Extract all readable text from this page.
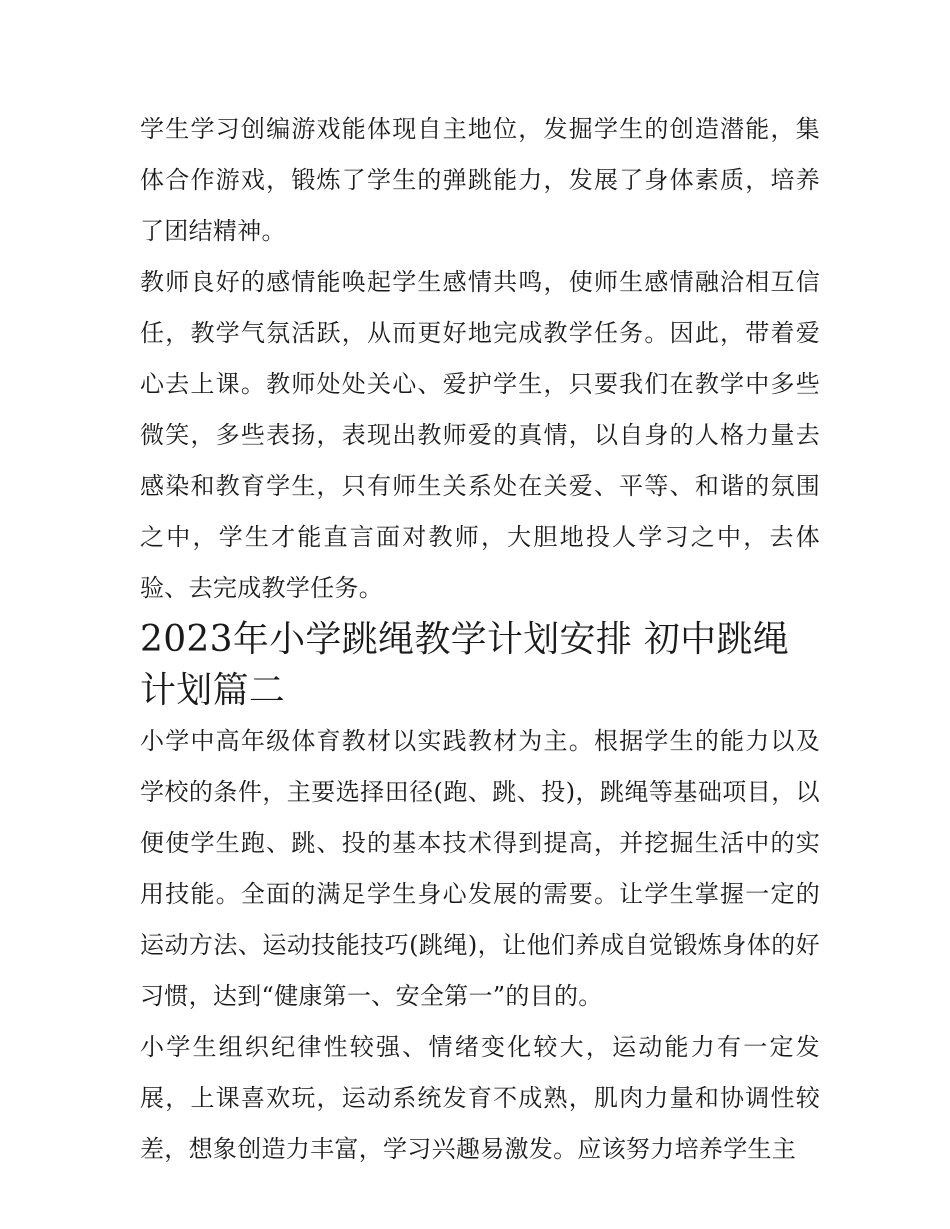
学生学习创编游戏能体现自主地位，发掘学生的创造潜能，集体合作游戏，锻炼了学生的弹跳能力，发展了身体素质，培养了团结精神。

教师良好的感情能唤起学生感情共鸣，使师生感情融洽相互信任，教学气氛活跃，从而更好地完成教学任务。因此，带着爱心去上课。教师处处关心、爱护学生，只要我们在教学中多些微笑，多些表扬，表现出教师爱的真情，以自身的人格力量去感染和教育学生，只有师生关系处在关爱、平等、和谐的氛围之中，学生才能直言面对教师，大胆地投人学习之中，去体验、去完成教学任务。

2023年小学跳绳教学计划安排 初中跳绳计划篇二

小学中高年级体育教材以实践教材为主。根据学生的能力以及学校的条件，主要选择田径(跑、跳、投)，跳绳等基础项目，以便使学生跑、跳、投的基本技术得到提高，并挖掘生活中的实用技能。全面的满足学生身心发展的需要。让学生掌握一定的运动方法、运动技能技巧(跳绳)，让他们养成自觉锻炼身体的好习惯，达到“健康第一、安全第一”的目的。

小学生组织纪律性较强、情绪变化较大，运动能力有一定发展，上课喜欢玩，运动系统发育不成熟，肌肉力量和协调性较差，想象创造力丰富，学习兴趣易激发。应该努力培养学生主
